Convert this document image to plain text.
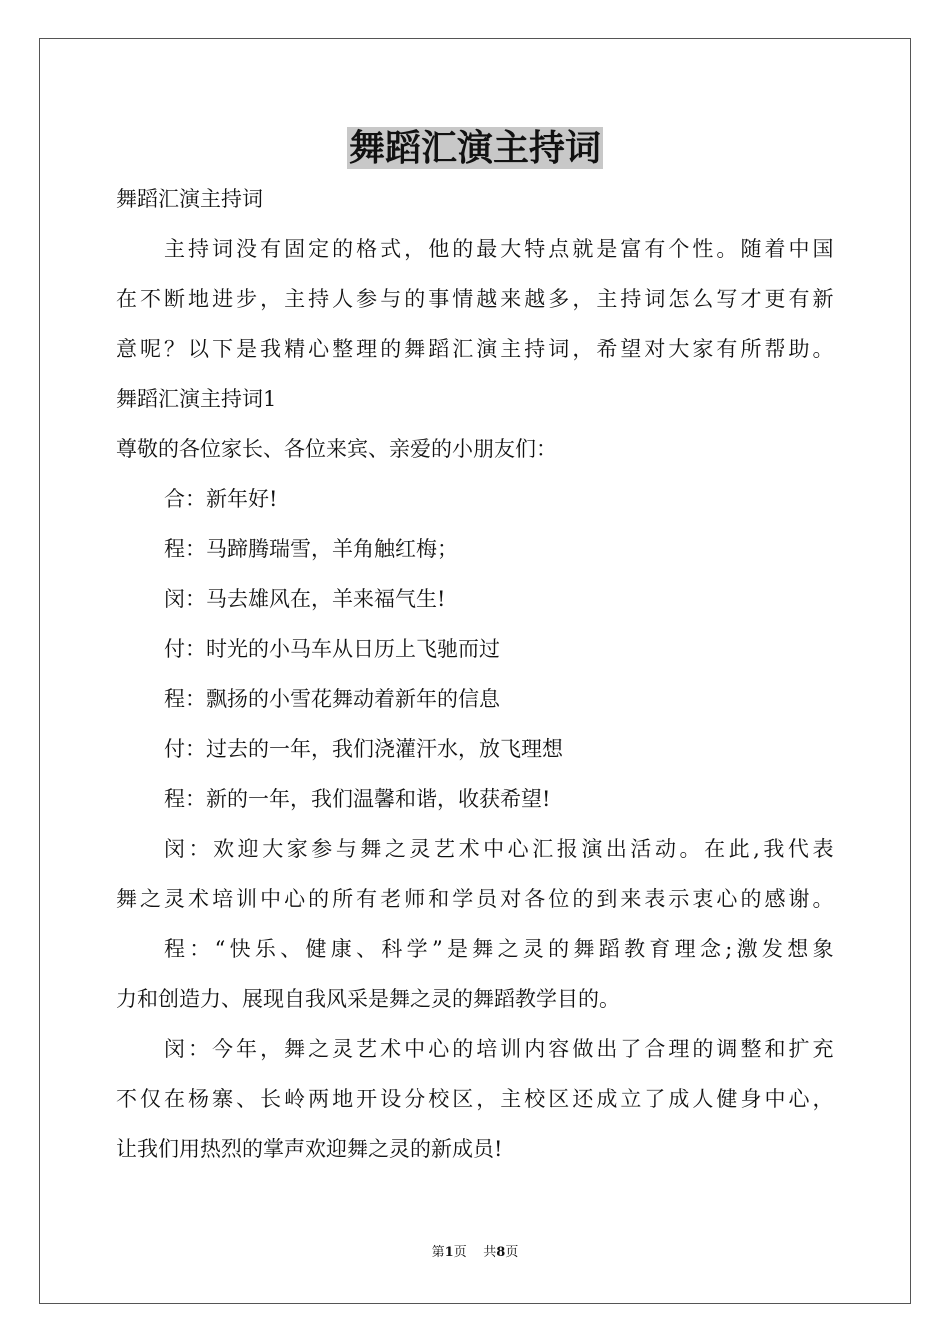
舞蹈汇演主持词
舞蹈汇演主持词
主持词没有固定的格式，他的最大特点就是富有个性。随着中国
在不断地进步，主持人参与的事情越来越多，主持词怎么写才更有新
意呢？以下是我精心整理的舞蹈汇演主持词，希望对大家有所帮助。
舞蹈汇演主持词1
尊敬的各位家长、各位来宾、亲爱的小朋友们：
合：新年好!
程：马蹄腾瑞雪，羊角触红梅；
闵：马去雄风在，羊来福气生!
付：时光的小马车从日历上飞驰而过
程：飘扬的小雪花舞动着新年的信息
付：过去的一年，我们浇灌汗水，放飞理想
程：新的一年，我们温馨和谐，收获希望!
闵：欢迎大家参与舞之灵艺术中心汇报演出活动。在此,我代表
舞之灵术培训中心的所有老师和学员对各位的到来表示衷心的感谢。
程：“快乐、健康、科学”是舞之灵的舞蹈教育理念;激发想象
力和创造力、展现自我风采是舞之灵的舞蹈教学目的。
闵：今年，舞之灵艺术中心的培训内容做出了合理的调整和扩充
不仅在杨寨、长岭两地开设分校区，主校区还成立了成人健身中心，
让我们用热烈的掌声欢迎舞之灵的新成员!
第1页 共8页
